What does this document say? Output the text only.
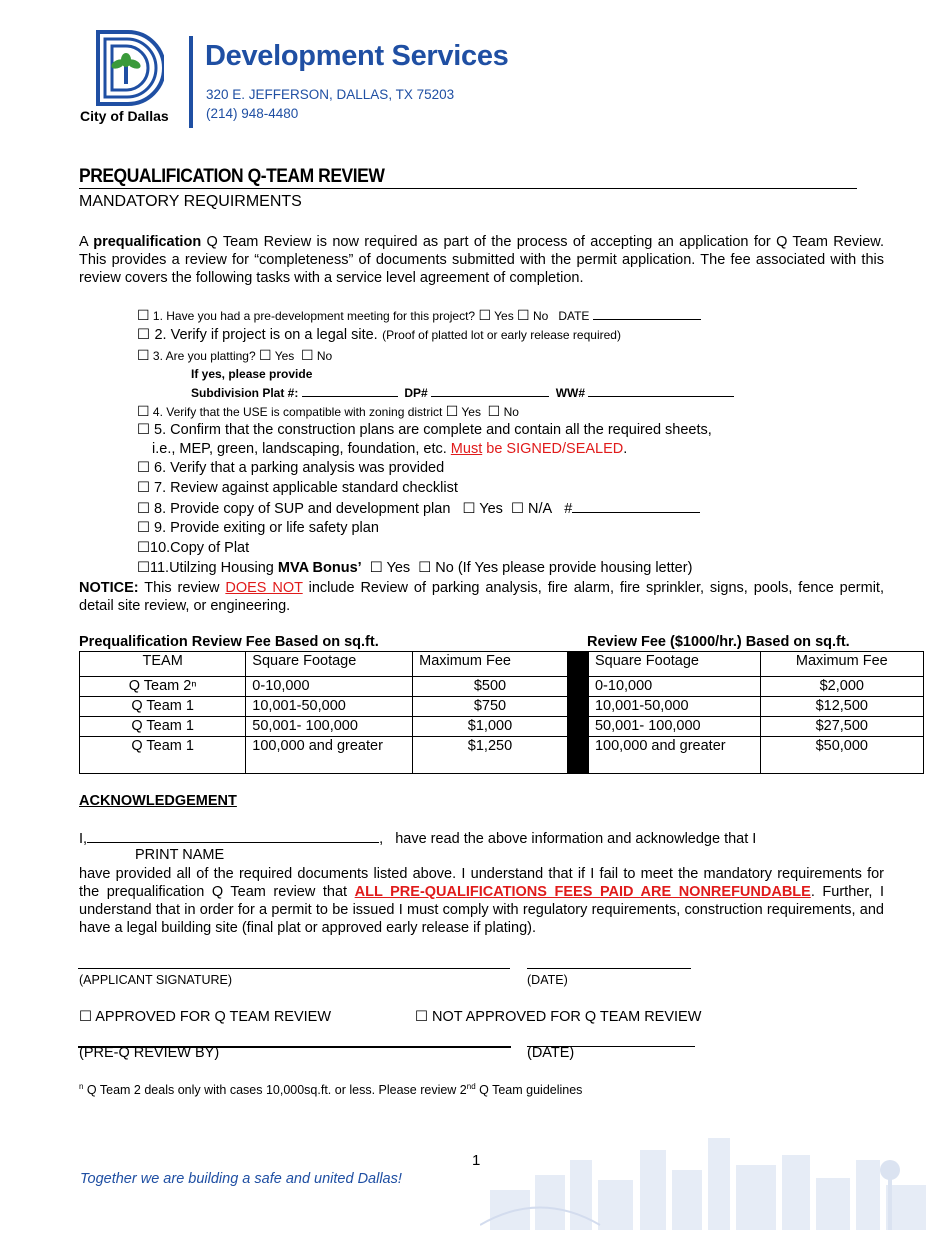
City of Dallas
Development Services
320 E. JEFFERSON, DALLAS, TX 75203
(214) 948-4480
PREQUALIFICATION Q-TEAM REVIEW
MANDATORY REQUIRMENTS
A prequalification Q Team Review is now required as part of the process of accepting an application for Q Team Review. This provides a review for “completeness” of documents submitted with the permit application. The fee associated with this review covers the following tasks with a service level agreement of completion.
☐ 1. Have you had a pre-development meeting for this project? ☐ Yes ☐ No DATE
☐ 2. Verify if project is on a legal site. (Proof of platted lot or early release required)
☐ 3. Are you platting? ☐ Yes ☐ No
If yes, please provide
Subdivision Plat #:	DP#	WW#
☐ 4. Verify that the USE is compatible with zoning district ☐ Yes ☐ No
☐ 5. Confirm that the construction plans are complete and contain all the required sheets,
i.e., MEP, green, landscaping, foundation, etc. Must be SIGNED/SEALED.
☐ 6. Verify that a parking analysis was provided
☐ 7. Review against applicable standard checklist
☐ 8. Provide copy of SUP and development plan ☐ Yes ☐ N/A #
☐ 9. Provide exiting or life safety plan
☐10.Copy of Plat
☐11.Utilzing Housing MVA Bonus’ ☐ Yes ☐ No (If Yes please provide housing letter)
NOTICE: This review DOES NOT include Review of parking analysis, fire alarm, fire sprinkler, signs, pools, fence permit, detail site review, or engineering.
Prequalification Review Fee Based on sq.ft.	Review Fee ($1000/hr.) Based on sq.ft.
TEAM	Square Footage	Maximum Fee		Square Footage	Maximum Fee
Q Team 2ⁿ	0-10,000	$500		0-10,000	$2,000
Q Team 1	10,001-50,000	$750		10,001-50,000	$12,500
Q Team 1	50,001- 100,000	$1,000		50,001- 100,000	$27,500
Q Team 1	100,000 and greater	$1,250		100,000 and greater	$50,000
ACKNOWLEDGEMENT
I,	, have read the above information and acknowledge that I
PRINT NAME
have provided all of the required documents listed above. I understand that if I fail to meet the mandatory requirements for the prequalification Q Team review that ALL PRE-QUALIFICATIONS FEES PAID ARE NONREFUNDABLE. Further, I understand that in order for a permit to be issued I must comply with regulatory requirements, construction requirements, and have a legal building site (final plat or approved early release if plating).
(APPLICANT SIGNATURE)	(DATE)
☐ APPROVED FOR Q TEAM REVIEW	☐ NOT APPROVED FOR Q TEAM REVIEW
(PRE-Q REVIEW BY)	(DATE)
$^n$ Q Team 2 deals only with cases 10,000sq.ft. or less. Please review 2nd Q Team guidelines
1
Together we are building a safe and united Dallas!
